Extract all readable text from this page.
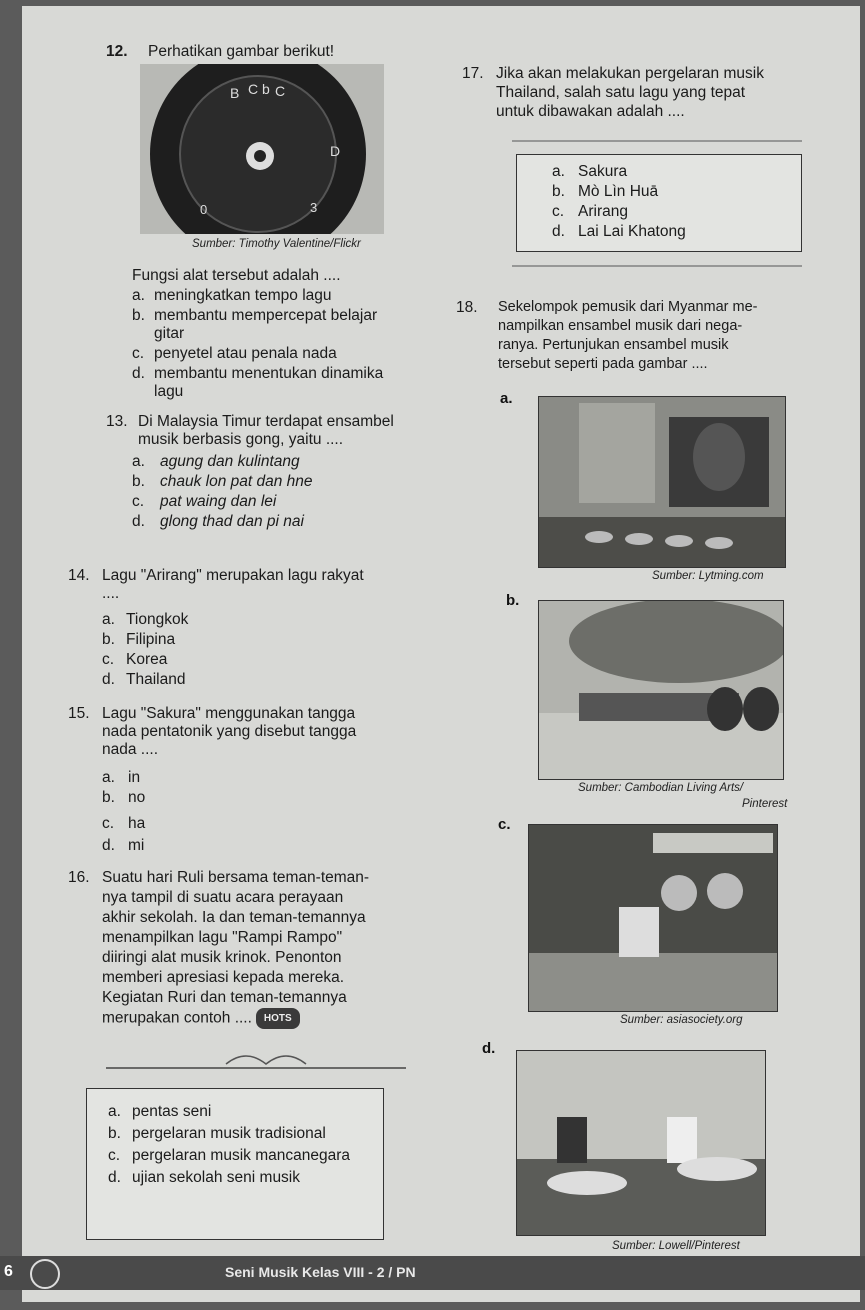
12. Perhatikan gambar berikut!
B C b C
D
0	3
Sumber: Timothy Valentine/Flickr
Fungsi alat tersebut adalah ....
a. meningkatkan tempo lagu
b. membantu mempercepat belajar
gitar
c. penyetel atau penala nada
d. membantu menentukan dinamika
lagu
13. Di Malaysia Timur terdapat ensambel
musik berbasis gong, yaitu ....
a. agung dan kulintang
b. chauk lon pat dan hne
c. pat waing dan lei
d. glong thad dan pi nai
14. Lagu "Arirang" merupakan lagu rakyat
....
a. Tiongkok
b. Filipina
c. Korea
d. Thailand
15. Lagu "Sakura" menggunakan tangga
nada pentatonik yang disebut tangga
nada ....
a. in
b. no
c. ha
d. mi
16. Suatu hari Ruli bersama teman-teman-
nya tampil di suatu acara perayaan
akhir sekolah. Ia dan teman-temannya
menampilkan lagu "Rampi Rampo"
diiringi alat musik krinok. Penonton
memberi apresiasi kepada mereka.
Kegiatan Ruri dan teman-temannya
merupakan contoh .... HOTS
a. pentas seni
b. pergelaran musik tradisional
c. pergelaran musik mancanegara
d. ujian sekolah seni musik
17. Jika akan melakukan pergelaran musik
Thailand, salah satu lagu yang tepat
untuk dibawakan adalah ....
a. Sakura
b. Mò Lìn Huā
c. Arirang
d. Lai Lai Khatong
18. Sekelompok pemusik dari Myanmar me-
nampilkan ensambel musik dari nega-
ranya. Pertunjukan ensambel musik
tersebut seperti pada gambar ....
a.
Sumber: Lytming.com
b.
Sumber: Cambodian Living Arts/
Pinterest
c.
Sumber: asiasociety.org
d.
Sumber: Lowell/Pinterest
6	Seni Musik Kelas VIII - 2 / PN
